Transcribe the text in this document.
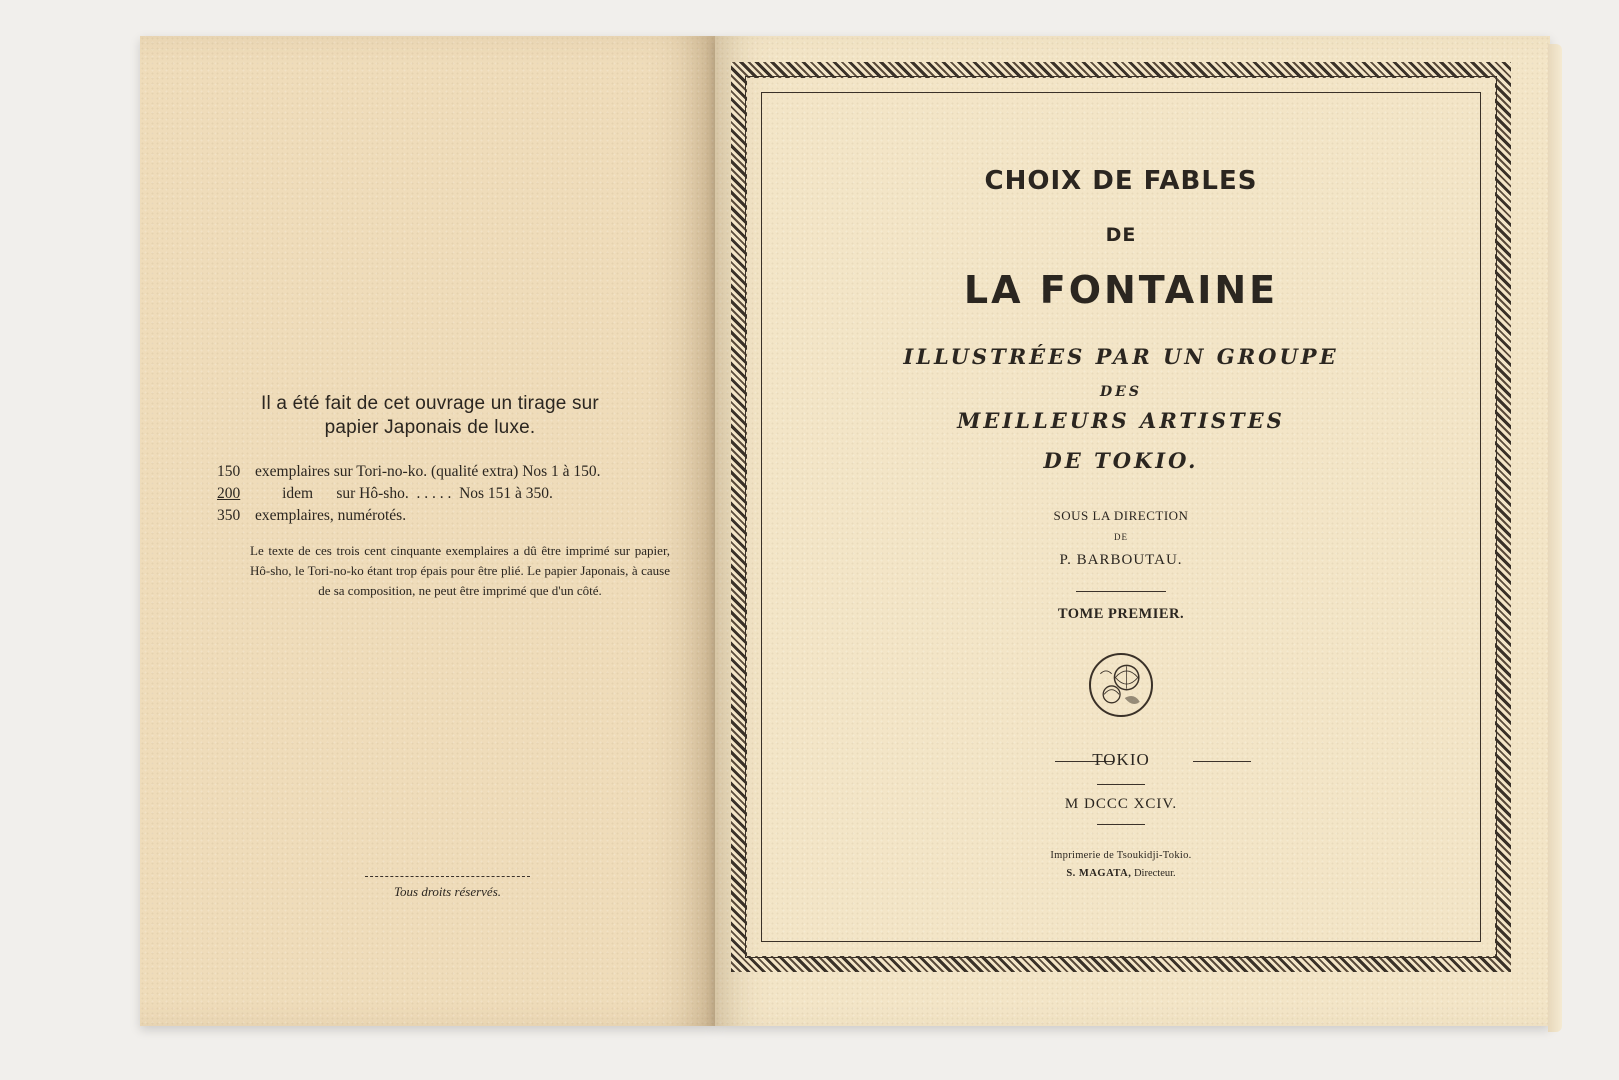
Il a été fait de cet ouvrage un tirage sur
papier Japonais de luxe.
150 exemplaires sur Tori-no-ko. (qualité extra) Nos 1 à 150.
200 idem      sur Hô-sho.  . . . . .  Nos 151 à 350.
350 exemplaires, numérotés.
Le texte de ces trois cent cinquante exemplaires a dû être imprimé sur papier, Hô-sho, le Tori-no-ko étant trop épais pour être plié. Le papier Japonais, à cause de sa composition, ne peut être imprimé que d'un côté.
Tous droits réservés.
CHOIX DE FABLES
DE
LA FONTAINE
ILLUSTRÉES PAR UN GROUPE
DES
MEILLEURS ARTISTES
DE TOKIO.
SOUS LA DIRECTION
DE
P. BARBOUTAU.
TOME PREMIER.
TOKIO
M DCCC XCIV.
Imprimerie de Tsoukidji-Tokio.
S. MAGATA, Directeur.
